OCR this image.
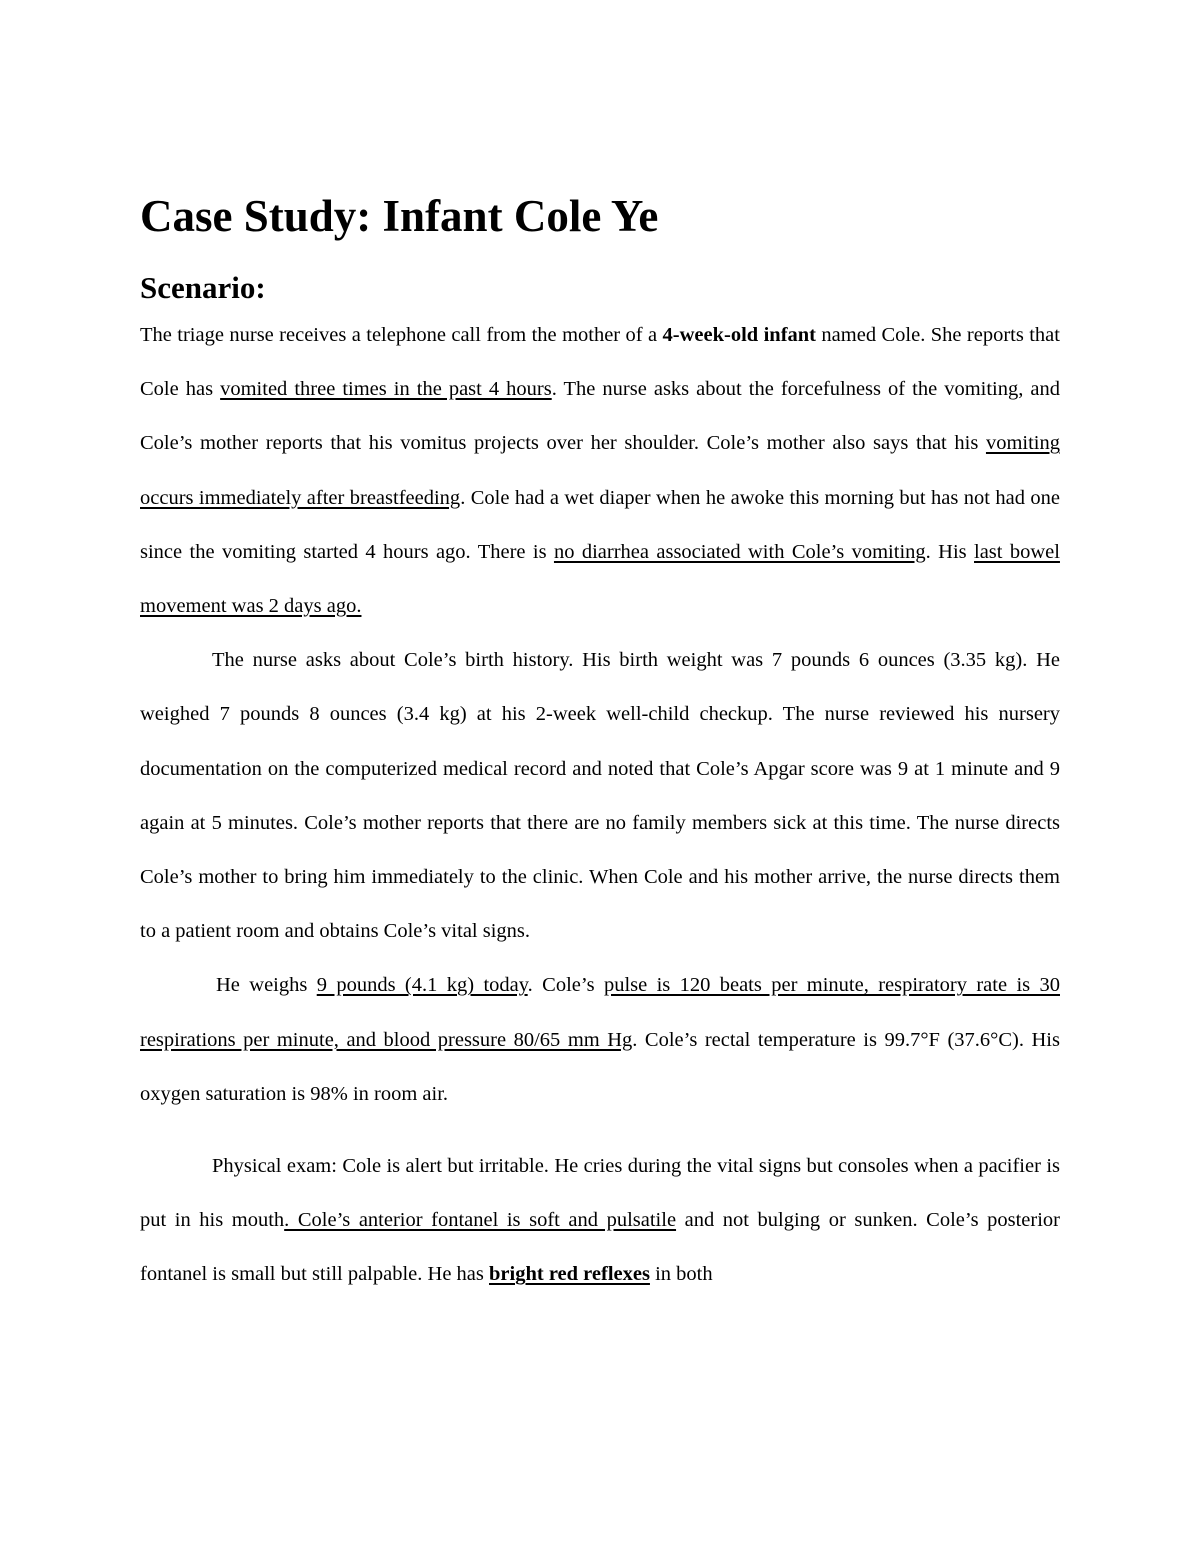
Case Study: Infant Cole Ye
Scenario:

The triage nurse receives a telephone call from the mother of a 4-week-old infant named Cole. She reports that Cole has vomited three times in the past 4 hours. The nurse asks about the forcefulness of the vomiting, and Cole’s mother reports that his vomitus projects over her shoulder. Cole’s mother also says that his vomiting occurs immediately after breastfeeding. Cole had a wet diaper when he awoke this morning but has not had one since the vomiting started 4 hours ago. There is no diarrhea associated with Cole’s vomiting. His last bowel movement was 2 days ago.

The nurse asks about Cole’s birth history. His birth weight was 7 pounds 6 ounces (3.35 kg). He weighed 7 pounds 8 ounces (3.4 kg) at his 2-week well-child checkup. The nurse reviewed his nursery documentation on the computerized medical record and noted that Cole’s Apgar score was 9 at 1 minute and 9 again at 5 minutes. Cole’s mother reports that there are no family members sick at this time. The nurse directs Cole’s mother to bring him immediately to the clinic. When Cole and his mother arrive, the nurse directs them to a patient room and obtains Cole’s vital signs.

He weighs 9 pounds (4.1 kg) today. Cole’s pulse is 120 beats per minute, respiratory rate is 30 respirations per minute, and blood pressure 80/65 mm Hg. Cole’s rectal temperature is 99.7°F (37.6°C). His oxygen saturation is 98% in room air.

Physical exam: Cole is alert but irritable. He cries during the vital signs but consoles when a pacifier is put in his mouth. Cole’s anterior fontanel is soft and pulsatile and not bulging or sunken. Cole’s posterior fontanel is small but still palpable. He has bright red reflexes in both
